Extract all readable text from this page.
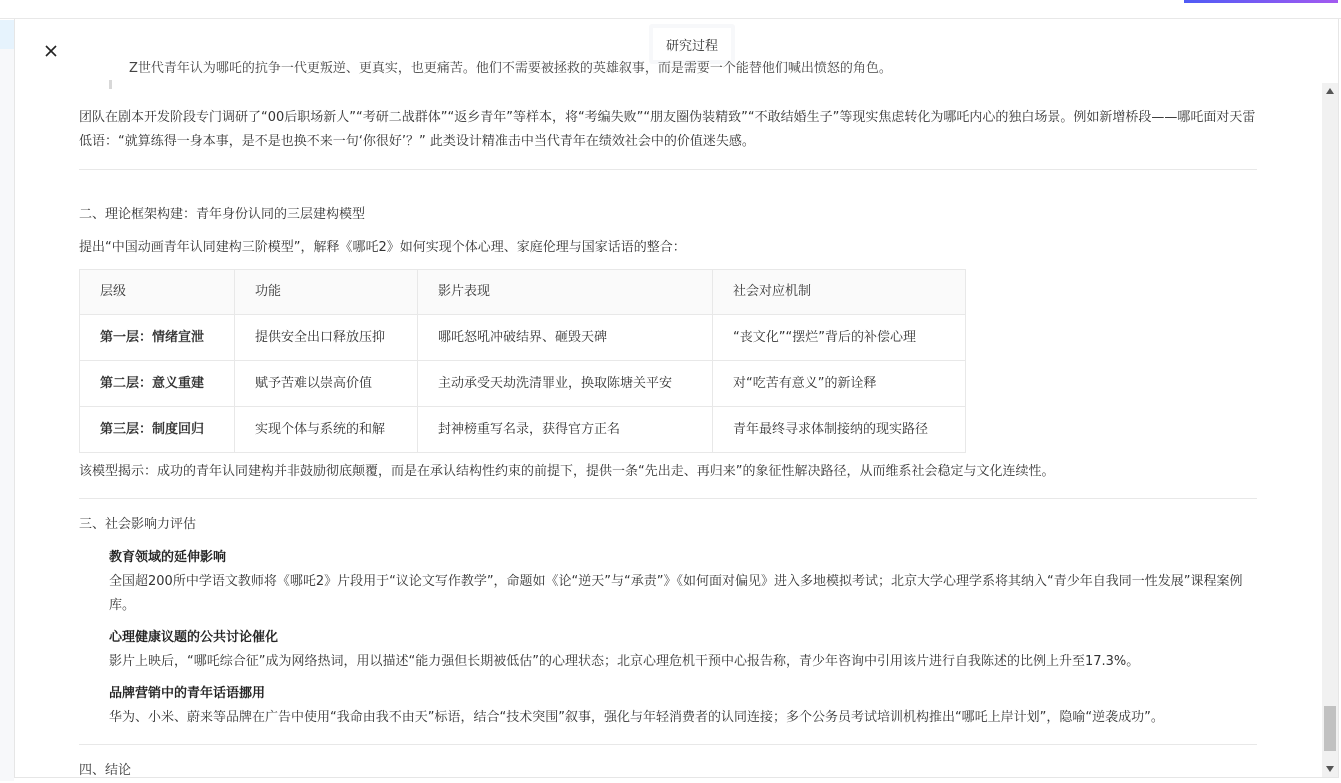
研究过程
Z世代青年认为哪吒的抗争一代更叛逆、更真实，也更痛苦。他们不需要被拯救的英雄叙事，而是需要一个能替他们喊出愤怒的角色。
团队在剧本开发阶段专门调研了“00后职场新人”“考研二战群体”“返乡青年”等样本，将“考编失败”“朋友圈伪装精致”“不敢结婚生子”等现实焦虑转化为哪吒内心的独白场景。例如新增桥段——哪吒面对天雷低语：“就算练得一身本事，是不是也换不来一句‘你很好’？” 此类设计精准击中当代青年在绩效社会中的价值迷失感。
二、理论框架构建：青年身份认同的三层建构模型
提出“中国动画青年认同建构三阶模型”，解释《哪吒2》如何实现个体心理、家庭伦理与国家话语的整合：
层级	功能	影片表现	社会对应机制
第一层：情绪宣泄	提供安全出口释放压抑	哪吒怒吼冲破结界、砸毁天碑	“丧文化”“摆烂”背后的补偿心理
第二层：意义重建	赋予苦难以崇高价值	主动承受天劫洗清罪业，换取陈塘关平安	对“吃苦有意义”的新诠释
第三层：制度回归	实现个体与系统的和解	封神榜重写名录，获得官方正名	青年最终寻求体制接纳的现实路径
该模型揭示：成功的青年认同建构并非鼓励彻底颠覆，而是在承认结构性约束的前提下，提供一条“先出走、再归来”的象征性解决路径，从而维系社会稳定与文化连续性。
三、社会影响力评估
教育领域的延伸影响
全国超200所中学语文教师将《哪吒2》片段用于“议论文写作教学”，命题如《论“逆天”与“承责”》《如何面对偏见》进入多地模拟考试；北京大学心理学系将其纳入“青少年自我同一性发展”课程案例库。
心理健康议题的公共讨论催化
影片上映后，“哪吒综合征”成为网络热词，用以描述“能力强但长期被低估”的心理状态；北京心理危机干预中心报告称，青少年咨询中引用该片进行自我陈述的比例上升至17.3%。
品牌营销中的青年话语挪用
华为、小米、蔚来等品牌在广告中使用“我命由我不由天”标语，结合“技术突围”叙事，强化与年轻消费者的认同连接；多个公务员考试培训机构推出“哪吒上岸计划”，隐喻“逆袭成功”。
四、结论
